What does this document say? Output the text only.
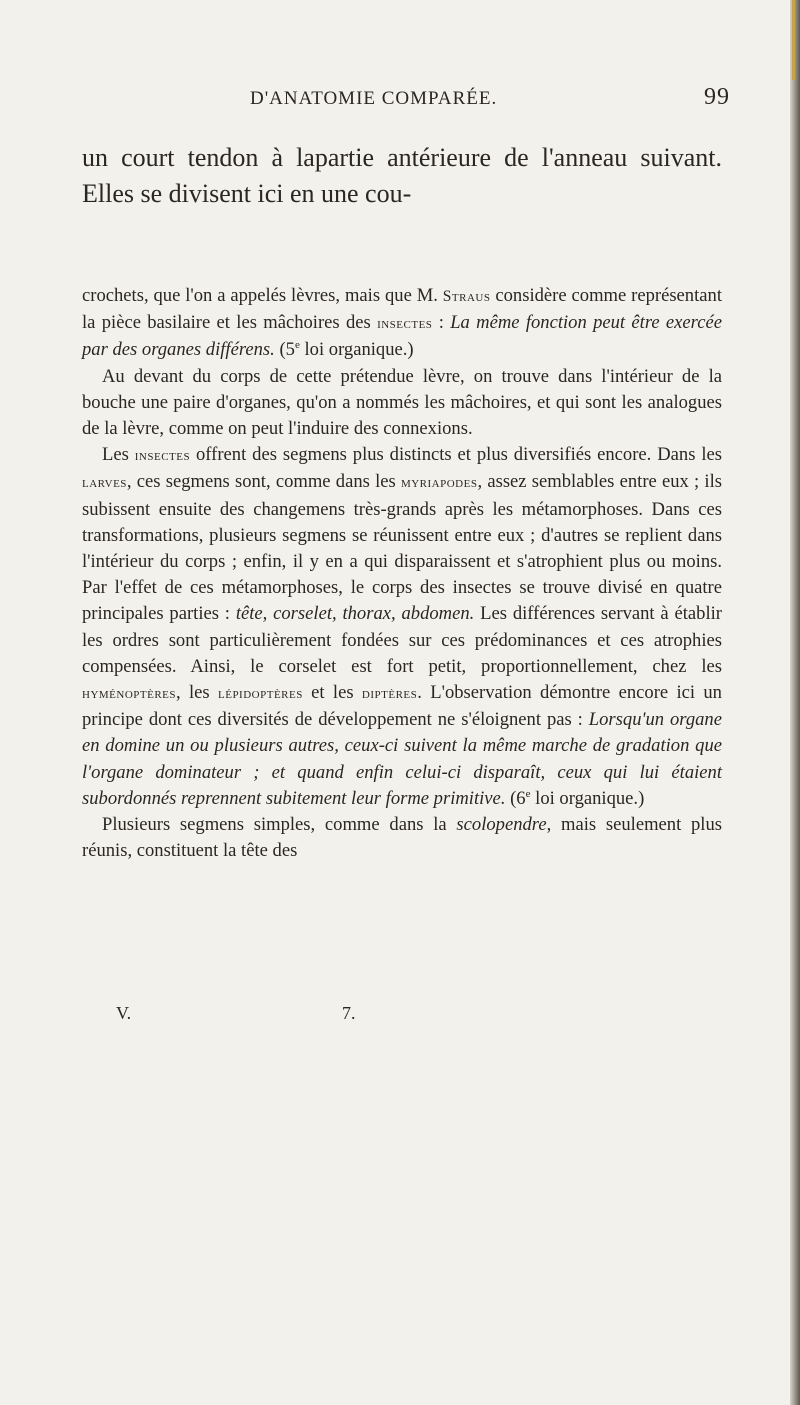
D'ANATOMIE COMPARÉE.	99
un court tendon à lapartie antérieure de l'anneau suivant. Elles se divisent ici en une cou-

crochets, que l'on a appelés lèvres, mais que M. Straus considère comme représentant la pièce basilaire et les mâchoires des insectes : La même fonction peut être exercée par des organes différens. (5e loi organique.)

Au devant du corps de cette prétendue lèvre, on trouve dans l'intérieur de la bouche une paire d'organes, qu'on a nommés les mâchoires, et qui sont les analogues de la lèvre, comme on peut l'induire des connexions.

Les insectes offrent des segmens plus distincts et plus diversifiés encore. Dans les larves, ces segmens sont, comme dans les myriapodes, assez semblables entre eux ; ils subissent ensuite des changemens très-grands après les métamorphoses. Dans ces transformations, plusieurs segmens se réunissent entre eux ; d'autres se replient dans l'intérieur du corps ; enfin, il y en a qui disparaissent et s'atrophient plus ou moins. Par l'effet de ces métamorphoses, le corps des insectes se trouve divisé en quatre principales parties : tête, corselet, thorax, abdomen. Les différences servant à établir les ordres sont particulièrement fondées sur ces prédominances et ces atrophies compensées. Ainsi, le corselet est fort petit, proportionnellement, chez les hyménoptères, les lépidoptères et les diptères. L'observation démontre encore ici un principe dont ces diversités de développement ne s'éloignent pas : Lorsqu'un organe en domine un ou plusieurs autres, ceux-ci suivent la même marche de gradation que l'organe dominateur ; et quand enfin celui-ci disparaît, ceux qui lui étaient subordonnés reprennent subitement leur forme primitive. (6e loi organique.)

Plusieurs segmens simples, comme dans la scolopendre, mais seulement plus réunis, constituent la tête des

V.	7.
